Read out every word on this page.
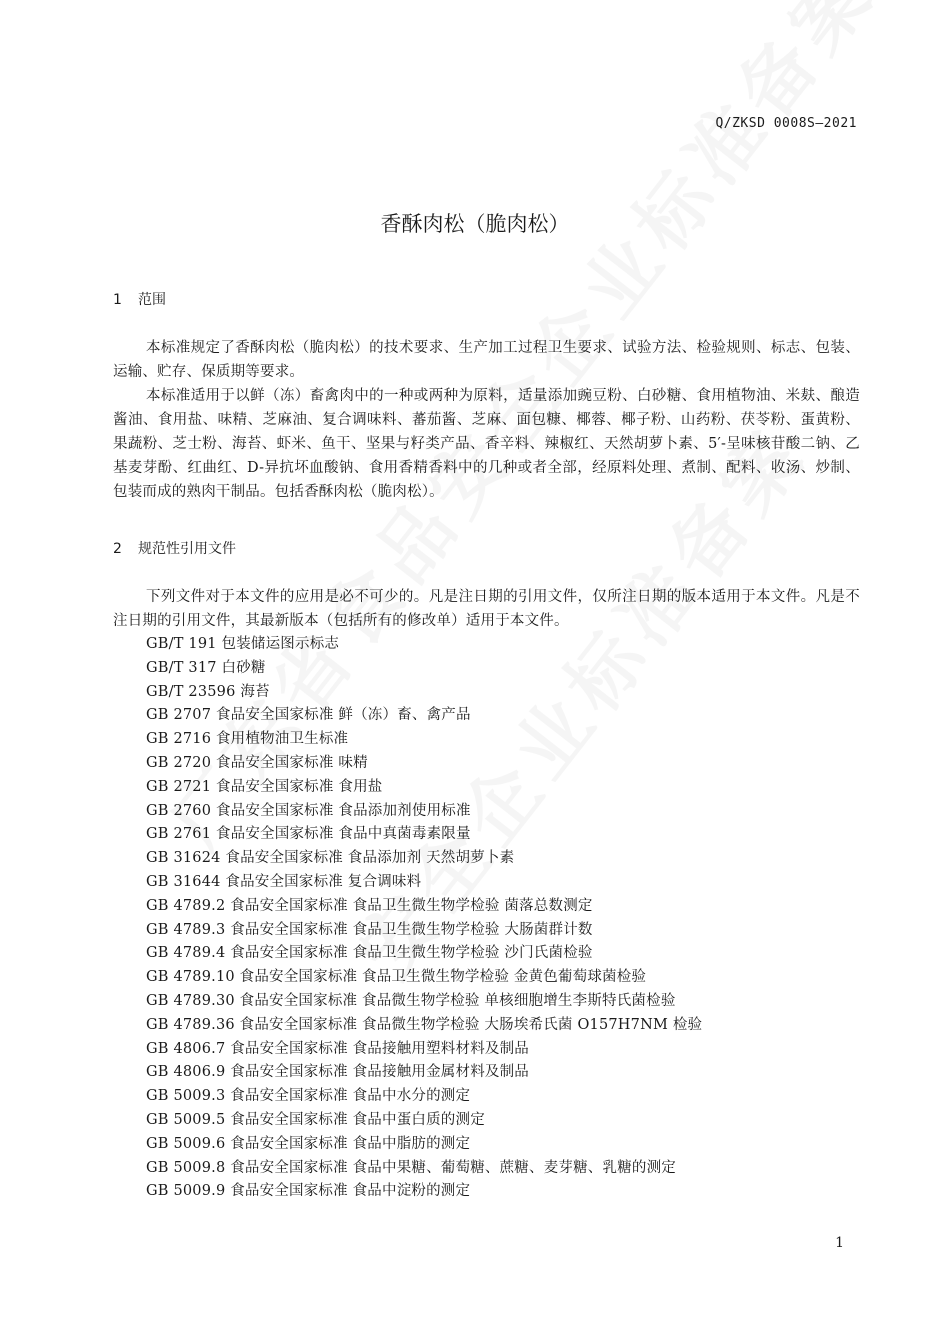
Q/ZKSD 0008S—2021
香酥肉松（脆肉松）
1 范围

本标准规定了香酥肉松（脆肉松）的技术要求、生产加工过程卫生要求、试验方法、检验规则、标志、包装、运输、贮存、保质期等要求。

本标准适用于以鲜（冻）畜禽肉中的一种或两种为原料，适量添加豌豆粉、白砂糖、食用植物油、米麸、酿造酱油、食用盐、味精、芝麻油、复合调味料、蕃茄酱、芝麻、面包糠、椰蓉、椰子粉、山药粉、茯苓粉、蛋黄粉、果蔬粉、芝士粉、海苔、虾米、鱼干、坚果与籽类产品、香辛料、辣椒红、天然胡萝卜素、5′-呈味核苷酸二钠、乙基麦芽酚、红曲红、D-异抗坏血酸钠、食用香精香料中的几种或者全部，经原料处理、煮制、配料、收汤、炒制、包装而成的熟肉干制品。包括香酥肉松（脆肉松）。

2 规范性引用文件

下列文件对于本文件的应用是必不可少的。凡是注日期的引用文件，仅所注日期的版本适用于本文件。凡是不注日期的引用文件，其最新版本（包括所有的修改单）适用于本文件。

GB/T 191 包装储运图示标志
GB/T 317 白砂糖
GB/T 23596 海苔
GB 2707 食品安全国家标准 鲜（冻）畜、禽产品
GB 2716 食用植物油卫生标准
GB 2720 食品安全国家标准 味精
GB 2721 食品安全国家标准 食用盐
GB 2760 食品安全国家标准 食品添加剂使用标准
GB 2761 食品安全国家标准 食品中真菌毒素限量
GB 31624 食品安全国家标准 食品添加剂 天然胡萝卜素
GB 31644 食品安全国家标准 复合调味料
GB 4789.2 食品安全国家标准 食品卫生微生物学检验 菌落总数测定
GB 4789.3 食品安全国家标准 食品卫生微生物学检验 大肠菌群计数
GB 4789.4 食品安全国家标准 食品卫生微生物学检验 沙门氏菌检验
GB 4789.10 食品安全国家标准 食品卫生微生物学检验 金黄色葡萄球菌检验
GB 4789.30 食品安全国家标准 食品微生物学检验 单核细胞增生李斯特氏菌检验
GB 4789.36 食品安全国家标准 食品微生物学检验 大肠埃希氏菌 O157H7NM 检验
GB 4806.7 食品安全国家标准 食品接触用塑料材料及制品
GB 4806.9 食品安全国家标准 食品接触用金属材料及制品
GB 5009.3 食品安全国家标准 食品中水分的测定
GB 5009.5 食品安全国家标准 食品中蛋白质的测定
GB 5009.6 食品安全国家标准 食品中脂肪的测定
GB 5009.8 食品安全国家标准 食品中果糖、葡萄糖、蔗糖、麦芽糖、乳糖的测定
GB 5009.9 食品安全国家标准 食品中淀粉的测定
1
